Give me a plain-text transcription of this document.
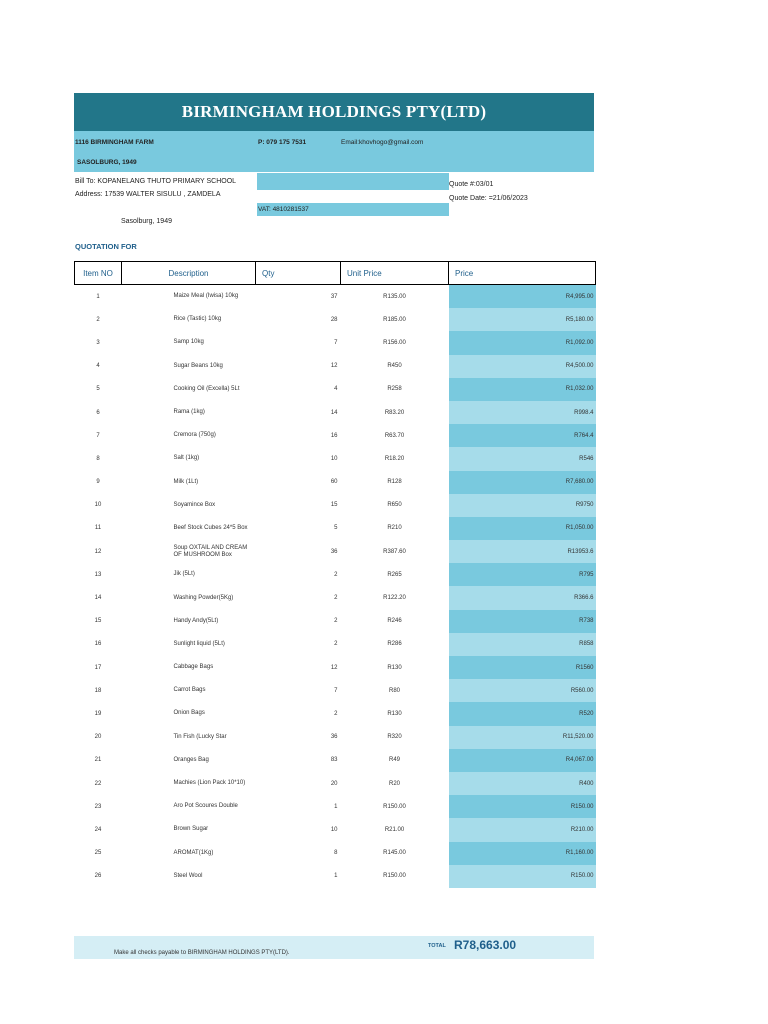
BIRMINGHAM HOLDINGS PTY(LTD)
1116 BIRMINGHAM FARM
SASOLBURG, 1949
P: 079 175 7531	Email:khovhogo@gmail.com
Bill To: KOPANELANG THUTO PRIMARY SCHOOL
Address: 17539 WALTER SISULU , ZAMDELA
Sasolburg, 1949
VAT: 4810281537
Quote #:03/01
Quote Date: =21/06/2023
QUOTATION FOR
Item NO	Description	Qty	Unit Price	Price
1	Maize Meal (Iwisa) 10kg	37	R135.00	R4,995.00
2	Rice (Tastic) 10kg	28	R185.00	R5,180.00
3	Samp 10kg	7	R156.00	R1,092.00
4	Sugar Beans 10kg	12	R450	R4,500.00
5	Cooking Oil (Excella) 5Lt	4	R258	R1,032.00
6	Rama (1kg)	14	R83.20	R998.4
7	Cremora (750g)	16	R63.70	R764.4
8	Salt (1kg)	10	R18.20	R546
9	Milk (1Lt)	60	R128	R7,680.00
10	Soyamince Box	15	R650	R9750
11	Beef Stock Cubes 24*5 Box	5	R210	R1,050.00
12	Soup OXTAIL AND CREAM OF MUSHROOM Box	36	R387.60	R13953.6
13	Jik (5Lt)	2	R265	R795
14	Washing Powder(5Kg)	2	R122.20	R366.6
15	Handy Andy(5Lt)	2	R246	R738
16	Sunlight liquid (5Lt)	2	R286	R858
17	Cabbage Bags	12	R130	R1560
18	Carrot Bags	7	R80	R560.00
19	Onion Bags	2	R130	R520
20	Tin Fish (Lucky Star	36	R320	R11,520.00
21	Oranges Bag	83	R49	R4,067.00
22	Machies (Lion Pack 10*10)	20	R20	R400
23	Aro Pot Scoures Double	1	R150.00	R150.00
24	Brown Sugar	10	R21.00	R210.00
25	AROMAT(1Kg)	8	R145.00	R1,160.00
26	Steel Wool	1	R150.00	R150.00
Make all checks payable to BIRMINGHAM HOLDINGS PTY(LTD).
TOTAL R78,663.00
